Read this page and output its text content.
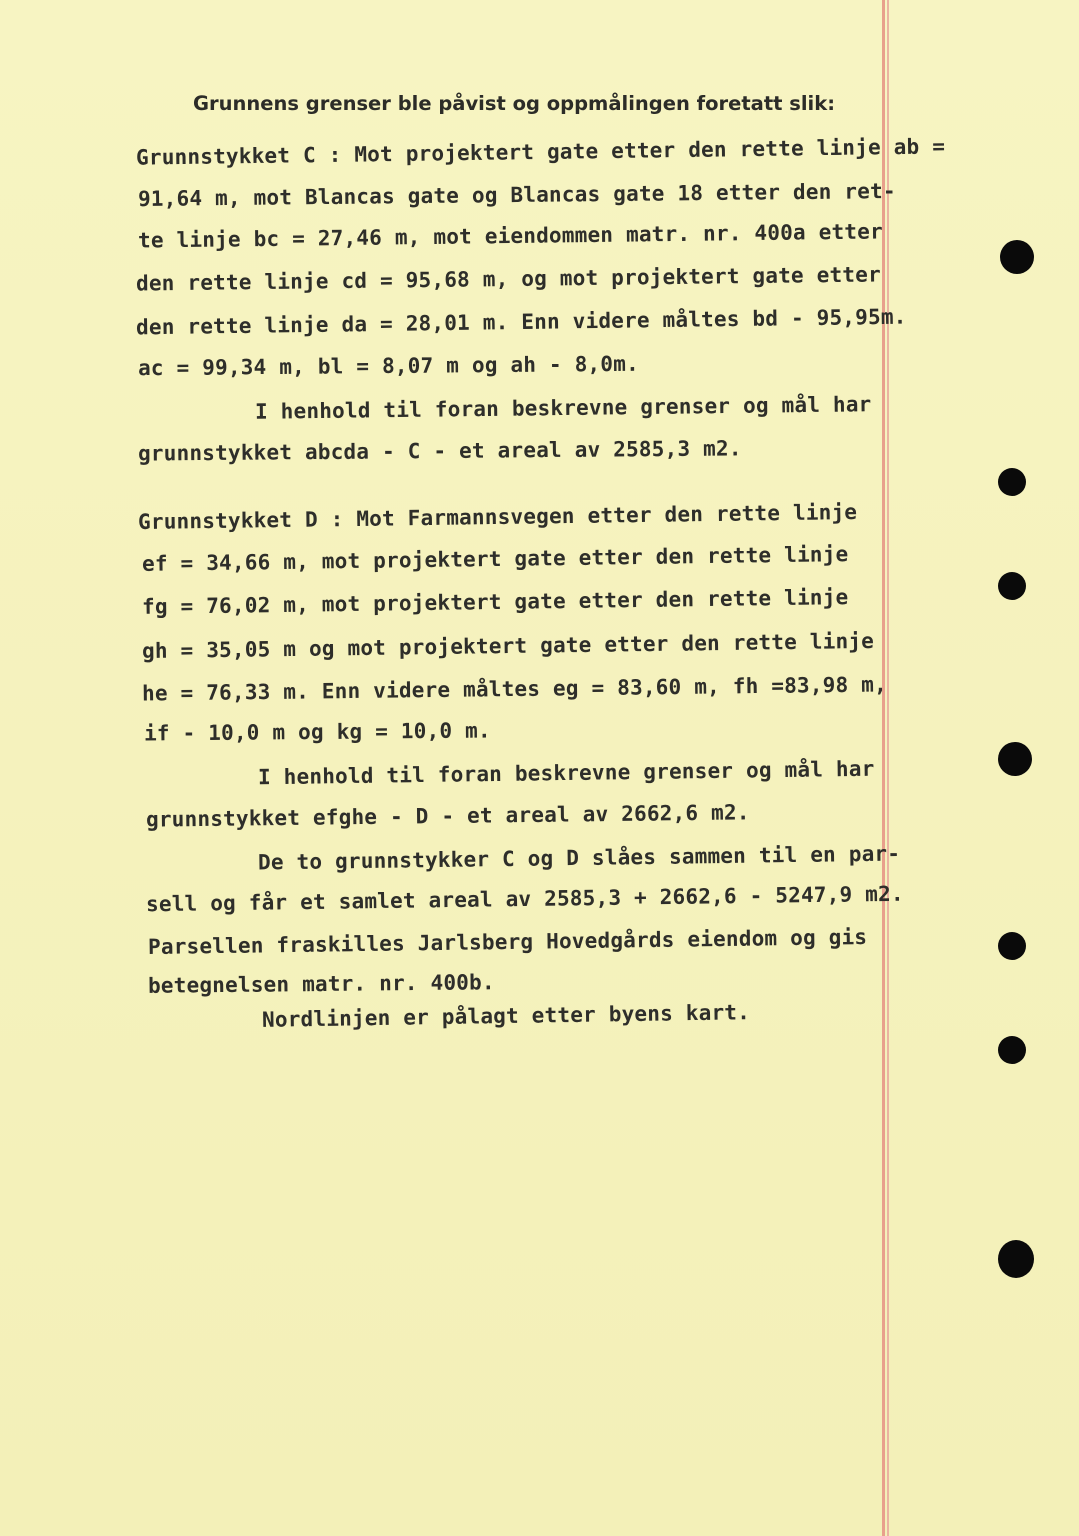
Grunnens grenser ble påvist og oppmålingen foretatt slik:
Grunnstykket C : Mot projektert gate etter den rette linje ab =
91,64 m, mot Blancas gate og Blancas gate 18 etter den ret-
te linje bc = 27,46 m, mot eiendommen matr. nr. 400a etter
den rette linje cd = 95,68 m, og mot projektert gate etter
den rette linje da = 28,01 m. Enn videre måltes bd - 95,95m.
ac = 99,34 m, bl = 8,07 m og ah - 8,0m.
I henhold til foran beskrevne grenser og mål har
grunnstykket abcda - C - et areal av 2585,3 m2.
Grunnstykket D : Mot Farmannsvegen etter den rette linje
ef = 34,66 m, mot projektert gate etter den rette linje
fg = 76,02 m, mot projektert gate etter den rette linje
gh = 35,05 m og mot projektert gate etter den rette linje
he = 76,33 m. Enn videre måltes eg = 83,60 m, fh =83,98 m,
if - 10,0 m og kg = 10,0 m.
I henhold til foran beskrevne grenser og mål har
grunnstykket efghe - D - et areal av 2662,6 m2.
De to grunnstykker C og D slåes sammen til en par-
sell og får et samlet areal av 2585,3 + 2662,6 - 5247,9 m2.
Parsellen fraskilles Jarlsberg Hovedgårds eiendom og gis
betegnelsen matr. nr. 400b.
Nordlinjen er pålagt etter byens kart.
